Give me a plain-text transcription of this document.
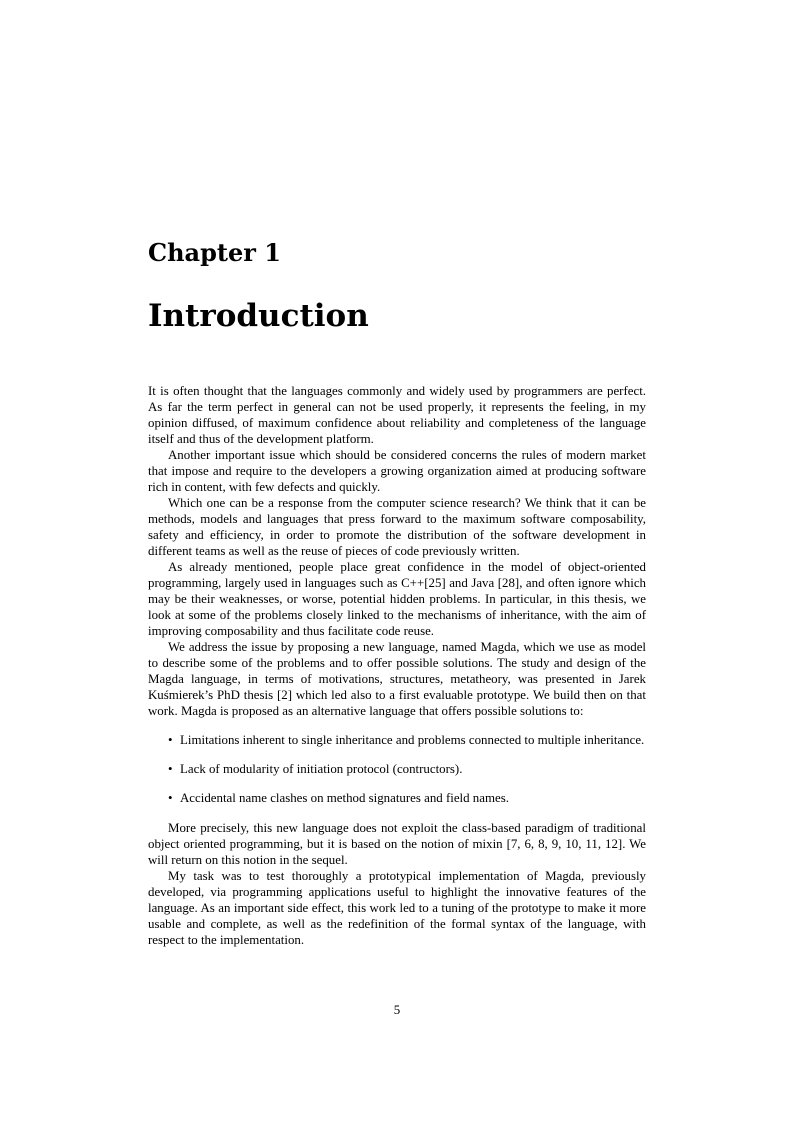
Chapter 1
Introduction

It is often thought that the languages commonly and widely used by programmers are perfect. As far the term perfect in general can not be used properly, it represents the feeling, in my opinion diffused, of maximum confidence about reliability and completeness of the language itself and thus of the development platform.

Another important issue which should be considered concerns the rules of modern market that impose and require to the developers a growing organization aimed at producing software rich in content, with few defects and quickly.

Which one can be a response from the computer science research? We think that it can be methods, models and languages that press forward to the maximum software composability, safety and efficiency, in order to promote the distribution of the software development in different teams as well as the reuse of pieces of code previously written.

As already mentioned, people place great confidence in the model of object-oriented programming, largely used in languages such as C++[25] and Java [28], and often ignore which may be their weaknesses, or worse, potential hidden problems. In particular, in this thesis, we look at some of the problems closely linked to the mechanisms of inheritance, with the aim of improving composability and thus facilitate code reuse.

We address the issue by proposing a new language, named Magda, which we use as model to describe some of the problems and to offer possible solutions. The study and design of the Magda language, in terms of motivations, structures, metatheory, was presented in Jarek Kuśmierek’s PhD thesis [2] which led also to a first evaluable prototype. We build then on that work. Magda is proposed as an alternative language that offers possible solutions to:

• Limitations inherent to single inheritance and problems connected to multiple inheritance.
• Lack of modularity of initiation protocol (contructors).
• Accidental name clashes on method signatures and field names.

More precisely, this new language does not exploit the class-based paradigm of traditional object oriented programming, but it is based on the notion of mixin [7, 6, 8, 9, 10, 11, 12]. We will return on this notion in the sequel.

My task was to test thoroughly a prototypical implementation of Magda, previously developed, via programming applications useful to highlight the innovative features of the language. As an important side effect, this work led to a tuning of the prototype to make it more usable and complete, as well as the redefinition of the formal syntax of the language, with respect to the implementation.

5
